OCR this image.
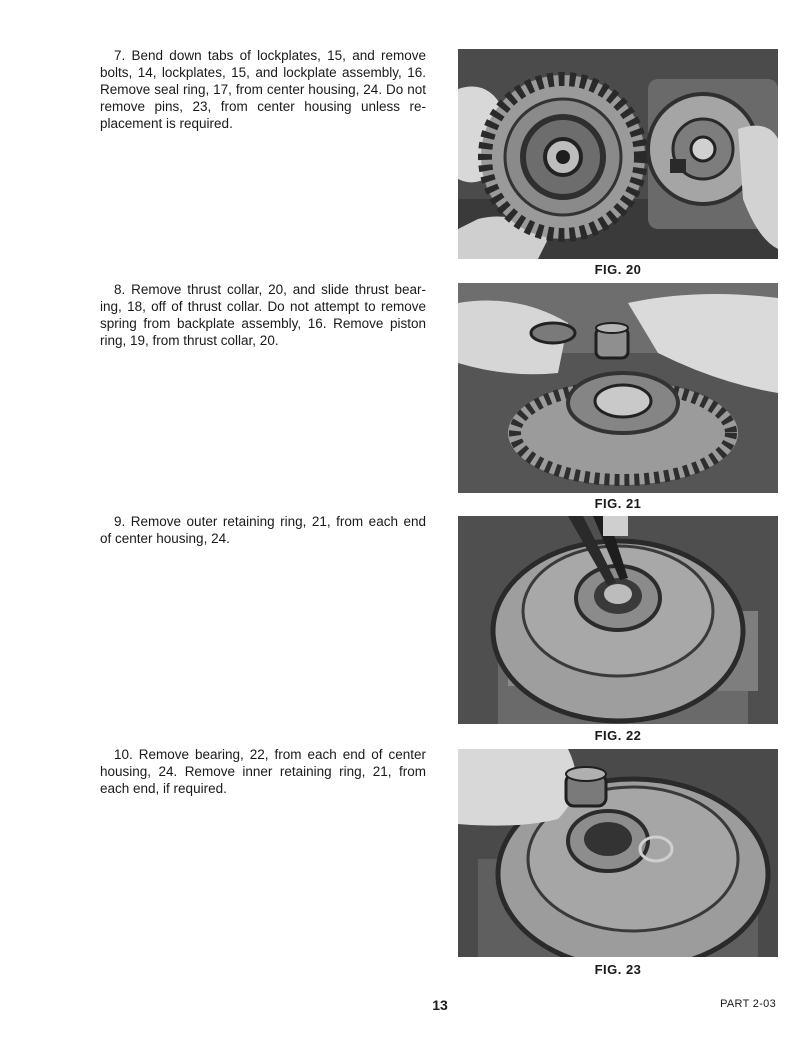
7. Bend down tabs of lockplates, 15, and remove bolts, 14, lockplates, 15, and lockplate assembly, 16. Remove seal ring, 17, from center housing, 24. Do not remove pins, 23, from center housing unless re-placement is required.

8. Remove thrust collar, 20, and slide thrust bear-ing, 18, off of thrust collar. Do not attempt to remove spring from backplate assembly, 16. Remove piston ring, 19, from thrust collar, 20.

9. Remove outer retaining ring, 21, from each end of center housing, 24.

10. Remove bearing, 22, from each end of center housing, 24. Remove inner retaining ring, 21, from each end, if required.

FIG. 20

FIG. 21

FIG. 22

FIG. 23

13	PART 2-03
